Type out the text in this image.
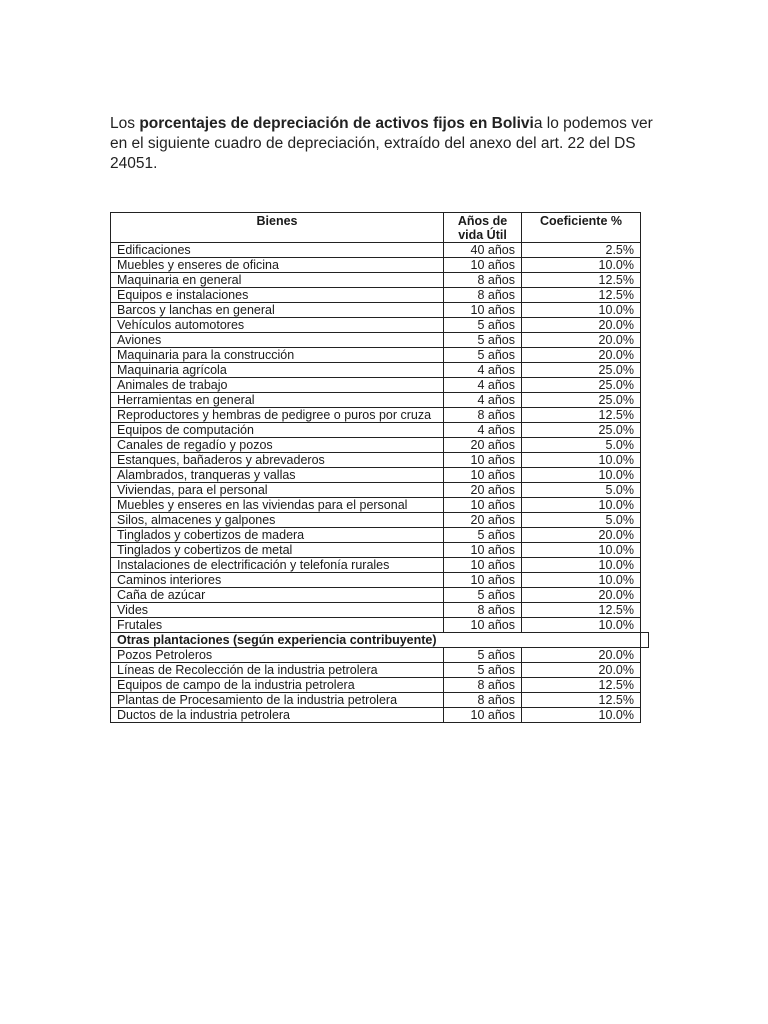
Los porcentajes de depreciación de activos fijos en Bolivia lo podemos ver en el siguiente cuadro de depreciación, extraído del anexo del art. 22 del DS 24051.

Bienes	Años de vida Útil	Coeficiente %
Edificaciones	40 años	2.5%
Muebles y enseres de oficina	10 años	10.0%
Maquinaria en general	8 años	12.5%
Equipos e instalaciones	8 años	12.5%
Barcos y lanchas en general	10 años	10.0%
Vehículos automotores	5 años	20.0%
Aviones	5 años	20.0%
Maquinaria para la construcción	5 años	20.0%
Maquinaria agrícola	4 años	25.0%
Animales de trabajo	4 años	25.0%
Herramientas en general	4 años	25.0%
Reproductores y hembras de pedigree o puros por cruza	8 años	12.5%
Equipos de computación	4 años	25.0%
Canales de regadío y pozos	20 años	5.0%
Estanques, bañaderos y abrevaderos	10 años	10.0%
Alambrados, tranqueras y vallas	10 años	10.0%
Viviendas, para el personal	20 años	5.0%
Muebles y enseres en las viviendas para el personal	10 años	10.0%
Silos, almacenes y galpones	20 años	5.0%
Tinglados y cobertizos de madera	5 años	20.0%
Tinglados y cobertizos de metal	10 años	10.0%
Instalaciones de electrificación y telefonía rurales	10 años	10.0%
Caminos interiores	10 años	10.0%
Caña de azúcar	5 años	20.0%
Vides	8 años	12.5%
Frutales	10 años	10.0%
Otras plantaciones (según experiencia contribuyente)		

Pozos Petroleros	5 años	20.0%
Líneas de Recolección de la industria petrolera	5 años	20.0%
Equipos de campo de la industria petrolera	8 años	12.5%
Plantas de Procesamiento de la industria petrolera	8 años	12.5%
Ductos de la industria petrolera	10 años	10.0%
